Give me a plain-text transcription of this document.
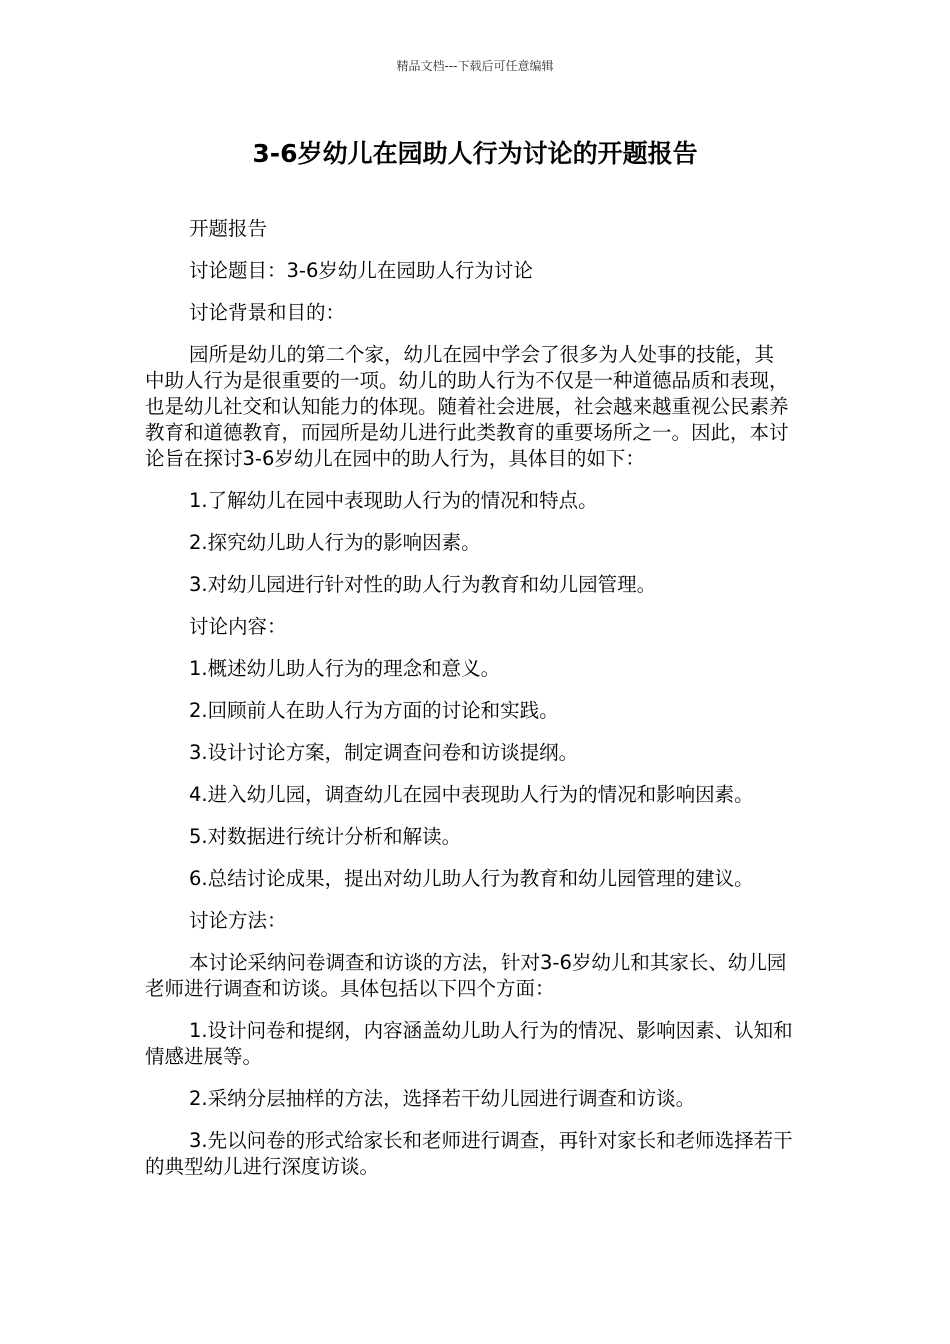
精品文档---下载后可任意编辑
3-6岁幼儿在园助人行为讨论的开题报告

开题报告

讨论题目：3-6岁幼儿在园助人行为讨论

讨论背景和目的：

园所是幼儿的第二个家，幼儿在园中学会了很多为人处事的技能，其中助人行为是很重要的一项。幼儿的助人行为不仅是一种道德品质和表现，也是幼儿社交和认知能力的体现。随着社会进展，社会越来越重视公民素养教育和道德教育，而园所是幼儿进行此类教育的重要场所之一。因此，本讨论旨在探讨3-6岁幼儿在园中的助人行为，具体目的如下：

1.了解幼儿在园中表现助人行为的情况和特点。

2.探究幼儿助人行为的影响因素。

3.对幼儿园进行针对性的助人行为教育和幼儿园管理。

讨论内容：

1.概述幼儿助人行为的理念和意义。

2.回顾前人在助人行为方面的讨论和实践。

3.设计讨论方案，制定调查问卷和访谈提纲。

4.进入幼儿园，调查幼儿在园中表现助人行为的情况和影响因素。

5.对数据进行统计分析和解读。

6.总结讨论成果，提出对幼儿助人行为教育和幼儿园管理的建议。

讨论方法：

本讨论采纳问卷调查和访谈的方法，针对3-6岁幼儿和其家长、幼儿园老师进行调查和访谈。具体包括以下四个方面：

1.设计问卷和提纲，内容涵盖幼儿助人行为的情况、影响因素、认知和情感进展等。

2.采纳分层抽样的方法，选择若干幼儿园进行调查和访谈。

3.先以问卷的形式给家长和老师进行调查，再针对家长和老师选择若干的典型幼儿进行深度访谈。
